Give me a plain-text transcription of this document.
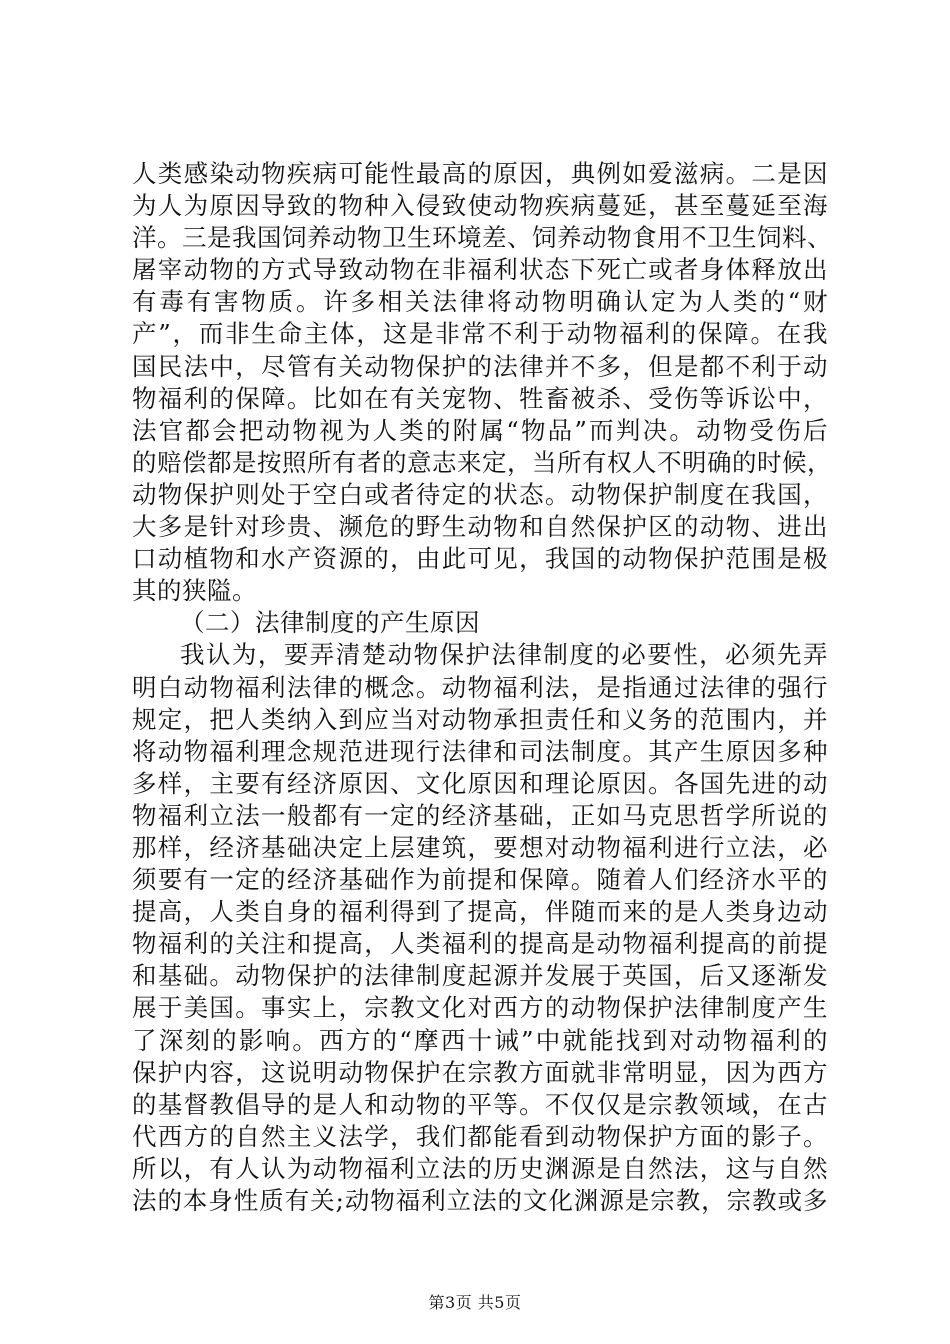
人类感染动物疾病可能性最高的原因，典例如爱滋病。二是因
为人为原因导致的物种入侵致使动物疾病蔓延，甚至蔓延至海
洋。三是我国饲养动物卫生环境差、饲养动物食用不卫生饲料、
屠宰动物的方式导致动物在非福利状态下死亡或者身体释放出
有毒有害物质。许多相关法律将动物明确认定为人类的“财
产”，而非生命主体，这是非常不利于动物福利的保障。在我
国民法中，尽管有关动物保护的法律并不多，但是都不利于动
物福利的保障。比如在有关宠物、牲畜被杀、受伤等诉讼中，
法官都会把动物视为人类的附属“物品”而判决。动物受伤后
的赔偿都是按照所有者的意志来定，当所有权人不明确的时候，
动物保护则处于空白或者待定的状态。动物保护制度在我国，
大多是针对珍贵、濒危的野生动物和自然保护区的动物、进出
口动植物和水产资源的，由此可见，我国的动物保护范围是极
其的狭隘。
（二）法律制度的产生原因
我认为，要弄清楚动物保护法律制度的必要性，必须先弄
明白动物福利法律的概念。动物福利法，是指通过法律的强行
规定，把人类纳入到应当对动物承担责任和义务的范围内，并
将动物福利理念规范进现行法律和司法制度。其产生原因多种
多样，主要有经济原因、文化原因和理论原因。各国先进的动
物福利立法一般都有一定的经济基础，正如马克思哲学所说的
那样，经济基础决定上层建筑，要想对动物福利进行立法，必
须要有一定的经济基础作为前提和保障。随着人们经济水平的
提高，人类自身的福利得到了提高，伴随而来的是人类身边动
物福利的关注和提高，人类福利的提高是动物福利提高的前提
和基础。动物保护的法律制度起源并发展于英国，后又逐渐发
展于美国。事实上，宗教文化对西方的动物保护法律制度产生
了深刻的影响。西方的“摩西十诫”中就能找到对动物福利的
保护内容，这说明动物保护在宗教方面就非常明显，因为西方
的基督教倡导的是人和动物的平等。不仅仅是宗教领域，在古
代西方的自然主义法学，我们都能看到动物保护方面的影子。
所以，有人认为动物福利立法的历史渊源是自然法，这与自然
法的本身性质有关;动物福利立法的文化渊源是宗教，宗教或多
第3页 共5页
